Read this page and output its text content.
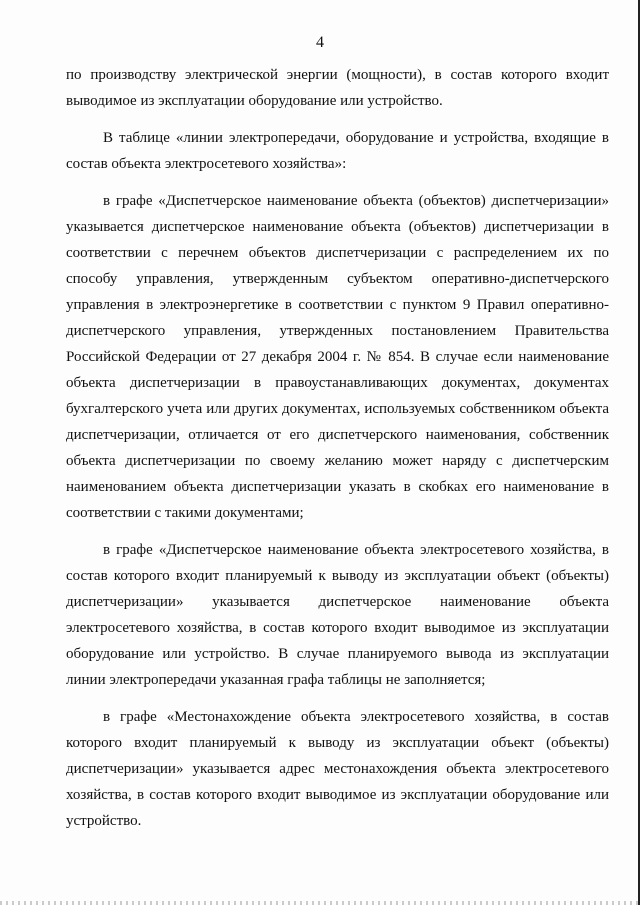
4

по производству электрической энергии (мощности), в состав которого входит выводимое из эксплуатации оборудование или устройство.

В таблице «линии электропередачи, оборудование и устройства, входящие в состав объекта электросетевого хозяйства»:

в графе «Диспетчерское наименование объекта (объектов) диспетчеризации» указывается диспетчерское наименование объекта (объектов) диспетчеризации в соответствии с перечнем объектов диспетчеризации с распределением их по способу управления, утвержденным субъектом оперативно-диспетчерского управления в электроэнергетике в соответствии с пунктом 9 Правил оперативно-диспетчерского управления, утвержденных постановлением Правительства Российской Федерации от 27 декабря 2004 г. № 854. В случае если наименование объекта диспетчеризации в правоустанавливающих документах, документах бухгалтерского учета или других документах, используемых собственником объекта диспетчеризации, отличается от его диспетчерского наименования, собственник объекта диспетчеризации по своему желанию может наряду с диспетчерским наименованием объекта диспетчеризации указать в скобках его наименование в соответствии с такими документами;

в графе «Диспетчерское наименование объекта электросетевого хозяйства, в состав которого входит планируемый к выводу из эксплуатации объект (объекты) диспетчеризации» указывается диспетчерское наименование объекта электросетевого хозяйства, в состав которого входит выводимое из эксплуатации оборудование или устройство. В случае планируемого вывода из эксплуатации линии электропередачи указанная графа таблицы не заполняется;

в графе «Местонахождение объекта электросетевого хозяйства, в состав которого входит планируемый к выводу из эксплуатации объект (объекты) диспетчеризации» указывается адрес местонахождения объекта электросетевого хозяйства, в состав которого входит выводимое из эксплуатации оборудование или устройство.
